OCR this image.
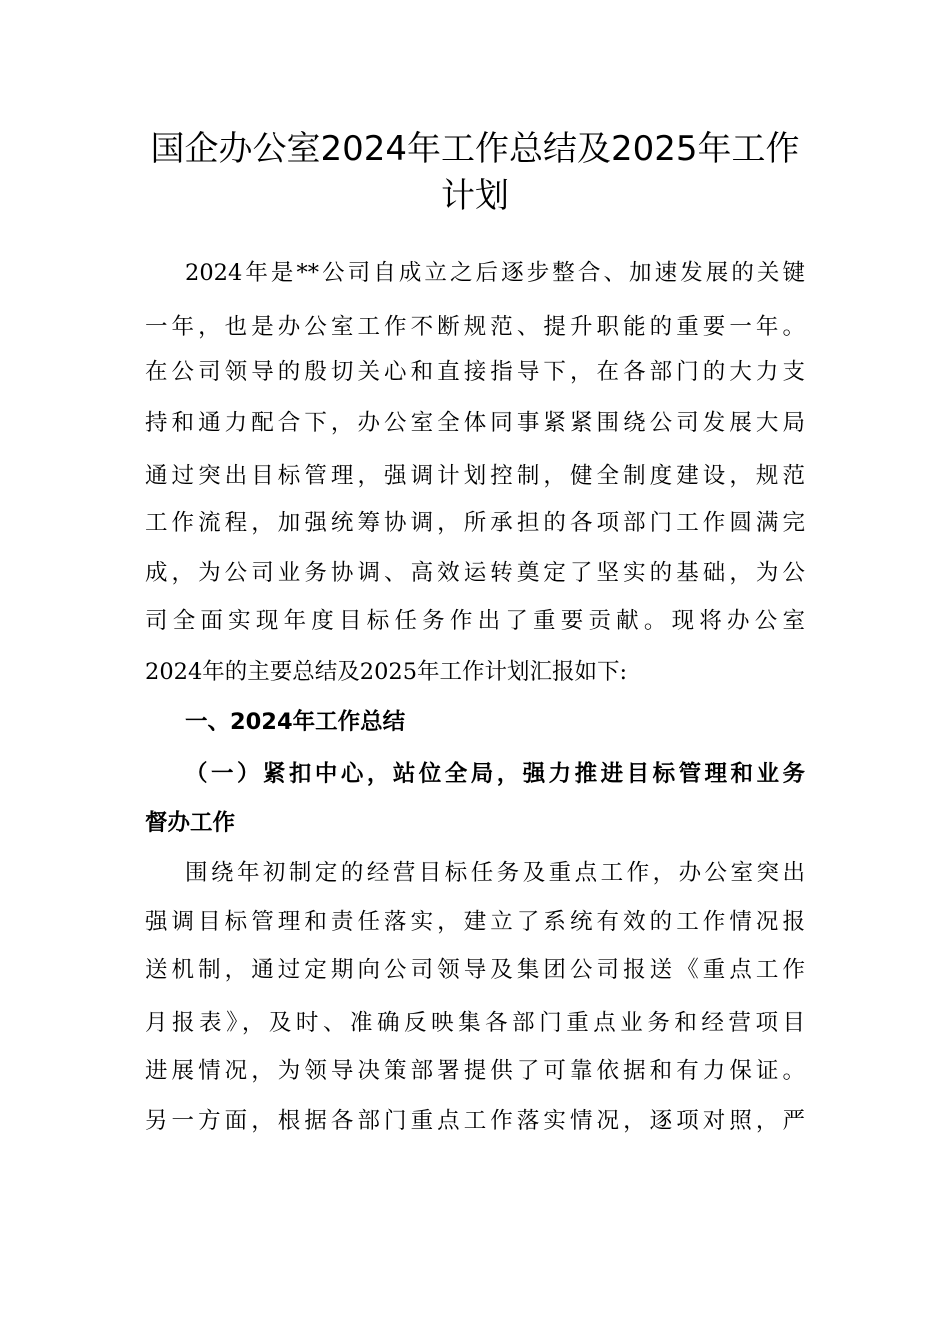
国企办公室2024年工作总结及2025年工作
计划
2024年是**公司自成立之后逐步整合、加速发展的关键
一年，也是办公室工作不断规范、提升职能的重要一年。
在公司领导的殷切关心和直接指导下，在各部门的大力支
持和通力配合下，办公室全体同事紧紧围绕公司发展大局
通过突出目标管理，强调计划控制，健全制度建设，规范
工作流程，加强统筹协调，所承担的各项部门工作圆满完
成，为公司业务协调、高效运转奠定了坚实的基础，为公
司全面实现年度目标任务作出了重要贡献。现将办公室
2024年的主要总结及2025年工作计划汇报如下:
一、2024年工作总结
（一）紧扣中心，站位全局，强力推进目标管理和业务
督办工作
围绕年初制定的经营目标任务及重点工作，办公室突出
强调目标管理和责任落实，建立了系统有效的工作情况报
送机制，通过定期向公司领导及集团公司报送《重点工作
月报表》，及时、准确反映集各部门重点业务和经营项目
进展情况，为领导决策部署提供了可靠依据和有力保证。
另一方面，根据各部门重点工作落实情况，逐项对照，严
